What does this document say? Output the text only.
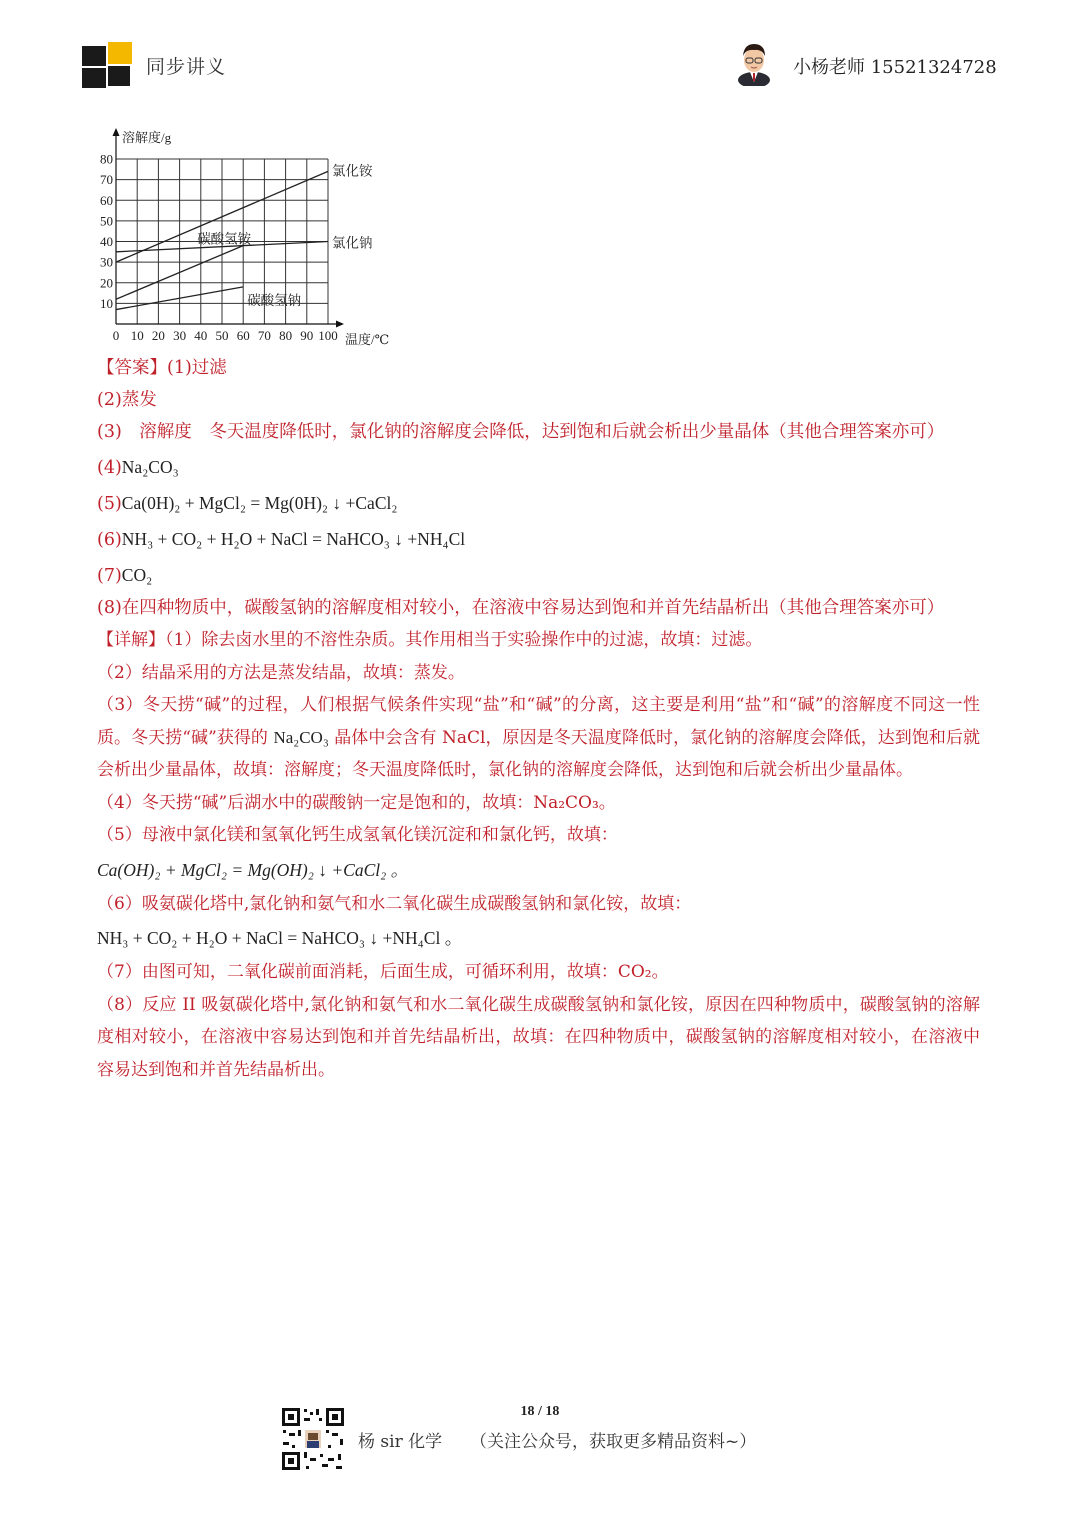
同步讲义	小杨老师 15521324728
0 10 20 30 40 50 60 70 80 90 100
10
20
30
40
50
60
70
80
氯化铵
氯化钠
碳酸氢铵
碳酸氢钠
溶解度/g
温度/℃

【答案】(1)过滤

(2)蒸发

(3)　溶解度　冬天温度降低时，氯化钠的溶解度会降低，达到饱和后就会析出少量晶体（其他合理答案亦可）

(4)Na₂CO₃

(5)Ca(0H)₂ + MgCl₂ = Mg(0H)₂ ↓ +CaCl₂

(6)NH₃ + CO₂ + H₂O + NaCl = NaHCO₃ ↓ +NH₄Cl

(7)CO₂

(8)在四种物质中，碳酸氢钠的溶解度相对较小，在溶液中容易达到饱和并首先结晶析出（其他合理答案亦可）

【详解】（1）除去卤水里的不溶性杂质。其作用相当于实验操作中的过滤，故填：过滤。

（2）结晶采用的方法是蒸发结晶，故填：蒸发。

（3）冬天捞“碱”的过程，人们根据气候条件实现“盐”和“碱”的分离，这主要是利用“盐”和“碱”的溶解度不同这一性质。冬天捞“碱”获得的 Na₂CO₃ 晶体中会含有 NaCl，原因是冬天温度降低时，氯化钠的溶解度会降低，达到饱和后就会析出少量晶体，故填：溶解度；冬天温度降低时，氯化钠的溶解度会降低，达到饱和后就会析出少量晶体。

（4）冬天捞“碱”后湖水中的碳酸钠一定是饱和的，故填：Na₂CO₃。

（5）母液中氯化镁和氢氧化钙生成氢氧化镁沉淀和和氯化钙，故填：

Ca(OH)₂ + MgCl₂ = Mg(OH)₂ ↓ +CaCl₂ 。

（6）吸氨碳化塔中,氯化钠和氨气和水二氧化碳生成碳酸氢钠和氯化铵，故填：

NH₃ + CO₂ + H₂O + NaCl = NaHCO₃ ↓ +NH₄Cl 。

（7）由图可知，二氧化碳前面消耗，后面生成，可循环利用，故填：CO₂。

（8）反应 II 吸氨碳化塔中,氯化钠和氨气和水二氧化碳生成碳酸氢钠和氯化铵，原因在四种物质中，碳酸氢钠的溶解度相对较小，在溶液中容易达到饱和并首先结晶析出，故填：在四种物质中，碳酸氢钠的溶解度相对较小，在溶液中容易达到饱和并首先结晶析出。

18 / 18
杨 sir 化学 （关注公众号，获取更多精品资料~）
